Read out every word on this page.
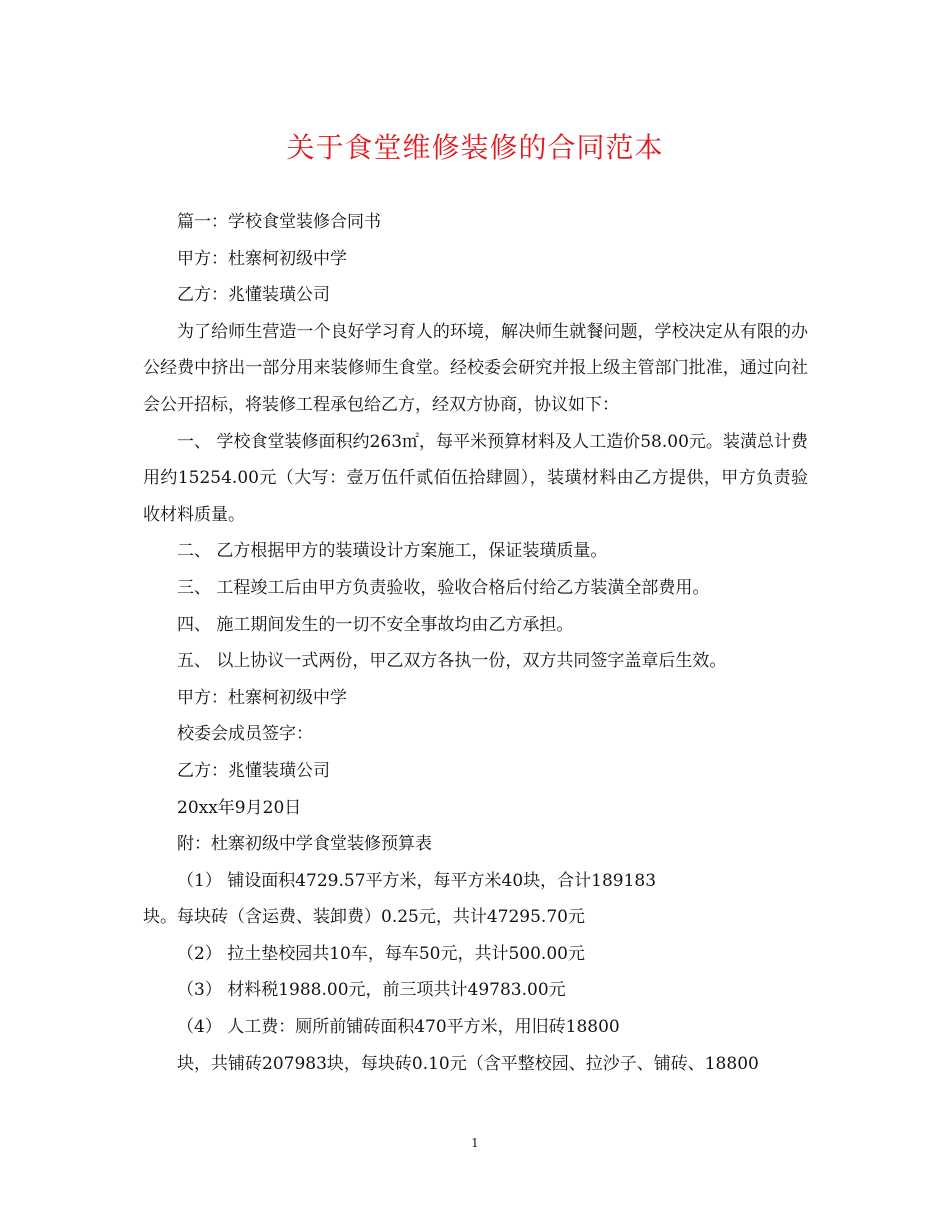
关于食堂维修装修的合同范本

篇一：学校食堂装修合同书

甲方：杜寨柯初级中学

乙方：兆懂装璜公司

为了给师生营造一个良好学习育人的环境，解决师生就餐问题，学校决定从有限的办公经费中挤出一部分用来装修师生食堂。经校委会研究并报上级主管部门批准，通过向社会公开招标，将装修工程承包给乙方，经双方协商，协议如下：

一、 学校食堂装修面积约263㎡，每平米预算材料及人工造价58.00元。装潢总计费用约15254.00元（大写：壹万伍仟贰佰伍拾肆圆），装璜材料由乙方提供，甲方负责验收材料质量。

二、 乙方根据甲方的装璜设计方案施工，保证装璜质量。

三、 工程竣工后由甲方负责验收，验收合格后付给乙方装潢全部费用。

四、 施工期间发生的一切不安全事故均由乙方承担。

五、 以上协议一式两份，甲乙双方各执一份，双方共同签字盖章后生效。

甲方：杜寨柯初级中学

校委会成员签字：

乙方：兆懂装璜公司

20xx年9月20日

附：杜寨初级中学食堂装修预算表

（1） 铺设面积4729.57平方米，每平方米40块，合计189183

块。每块砖（含运费、装卸费）0.25元，共计47295.70元

（2） 拉土垫校园共10车，每车50元，共计500.00元

（3） 材料税1988.00元，前三项共计49783.00元

（4） 人工费：厕所前铺砖面积470平方米，用旧砖18800

块，共铺砖207983块，每块砖0.10元（含平整校园、拉沙子、铺砖、18800

1
